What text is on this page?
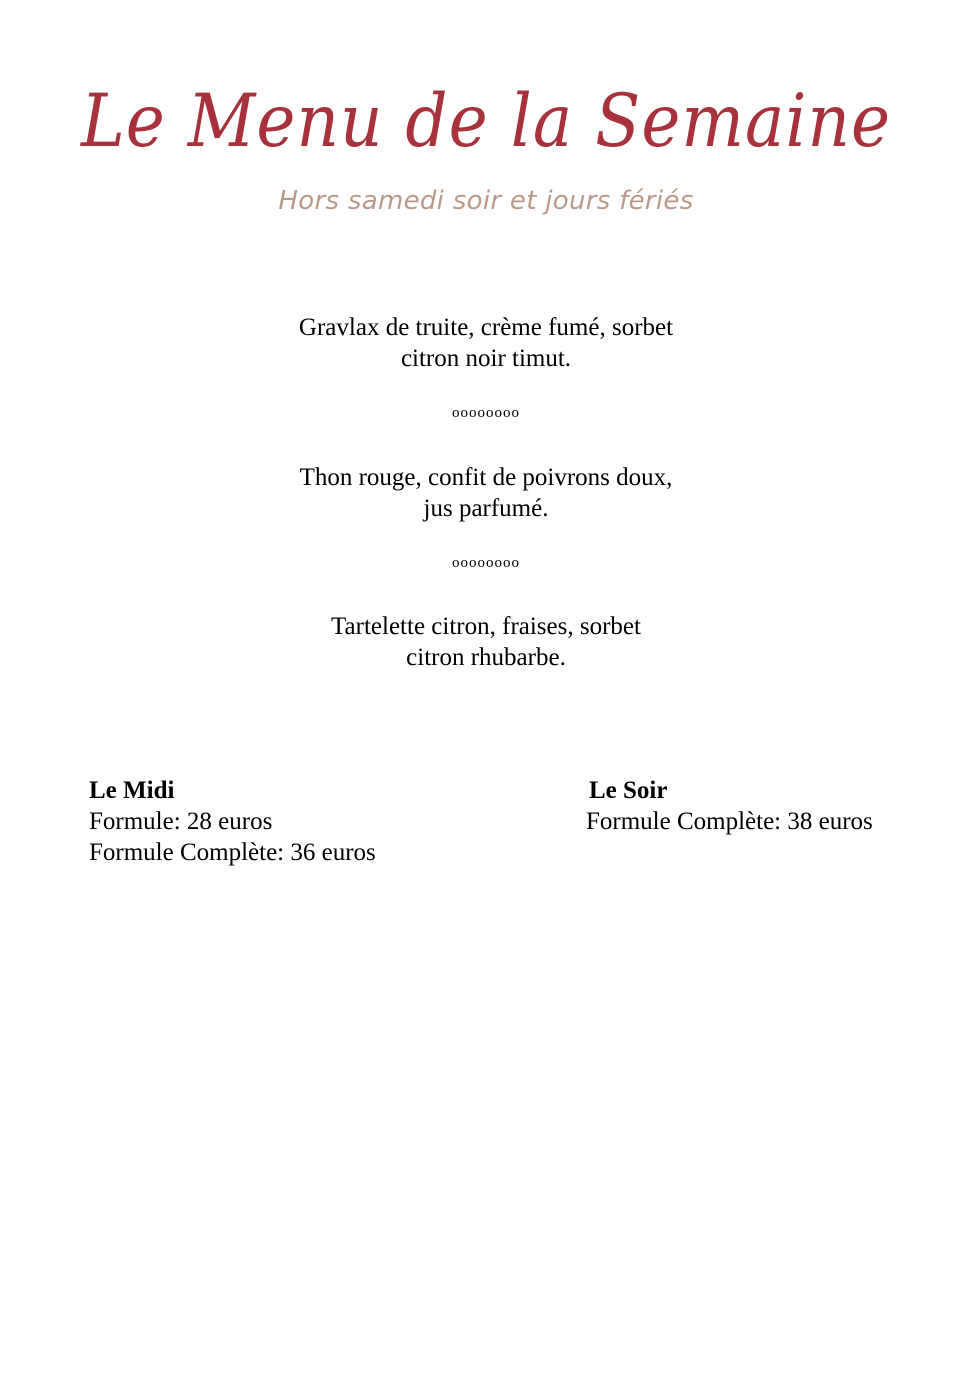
Le Menu de la Semaine
Hors samedi soir et jours fériés

Gravlax de truite, crème fumé, sorbet
citron noir timut.

oooooooo

Thon rouge, confit de poivrons doux,
jus parfumé.

oooooooo

Tartelette citron, fraises, sorbet
citron rhubarbe.

Le Midi
Formule: 28 euros
Formule Complète: 36 euros
Le Soir
Formule Complète: 38 euros
